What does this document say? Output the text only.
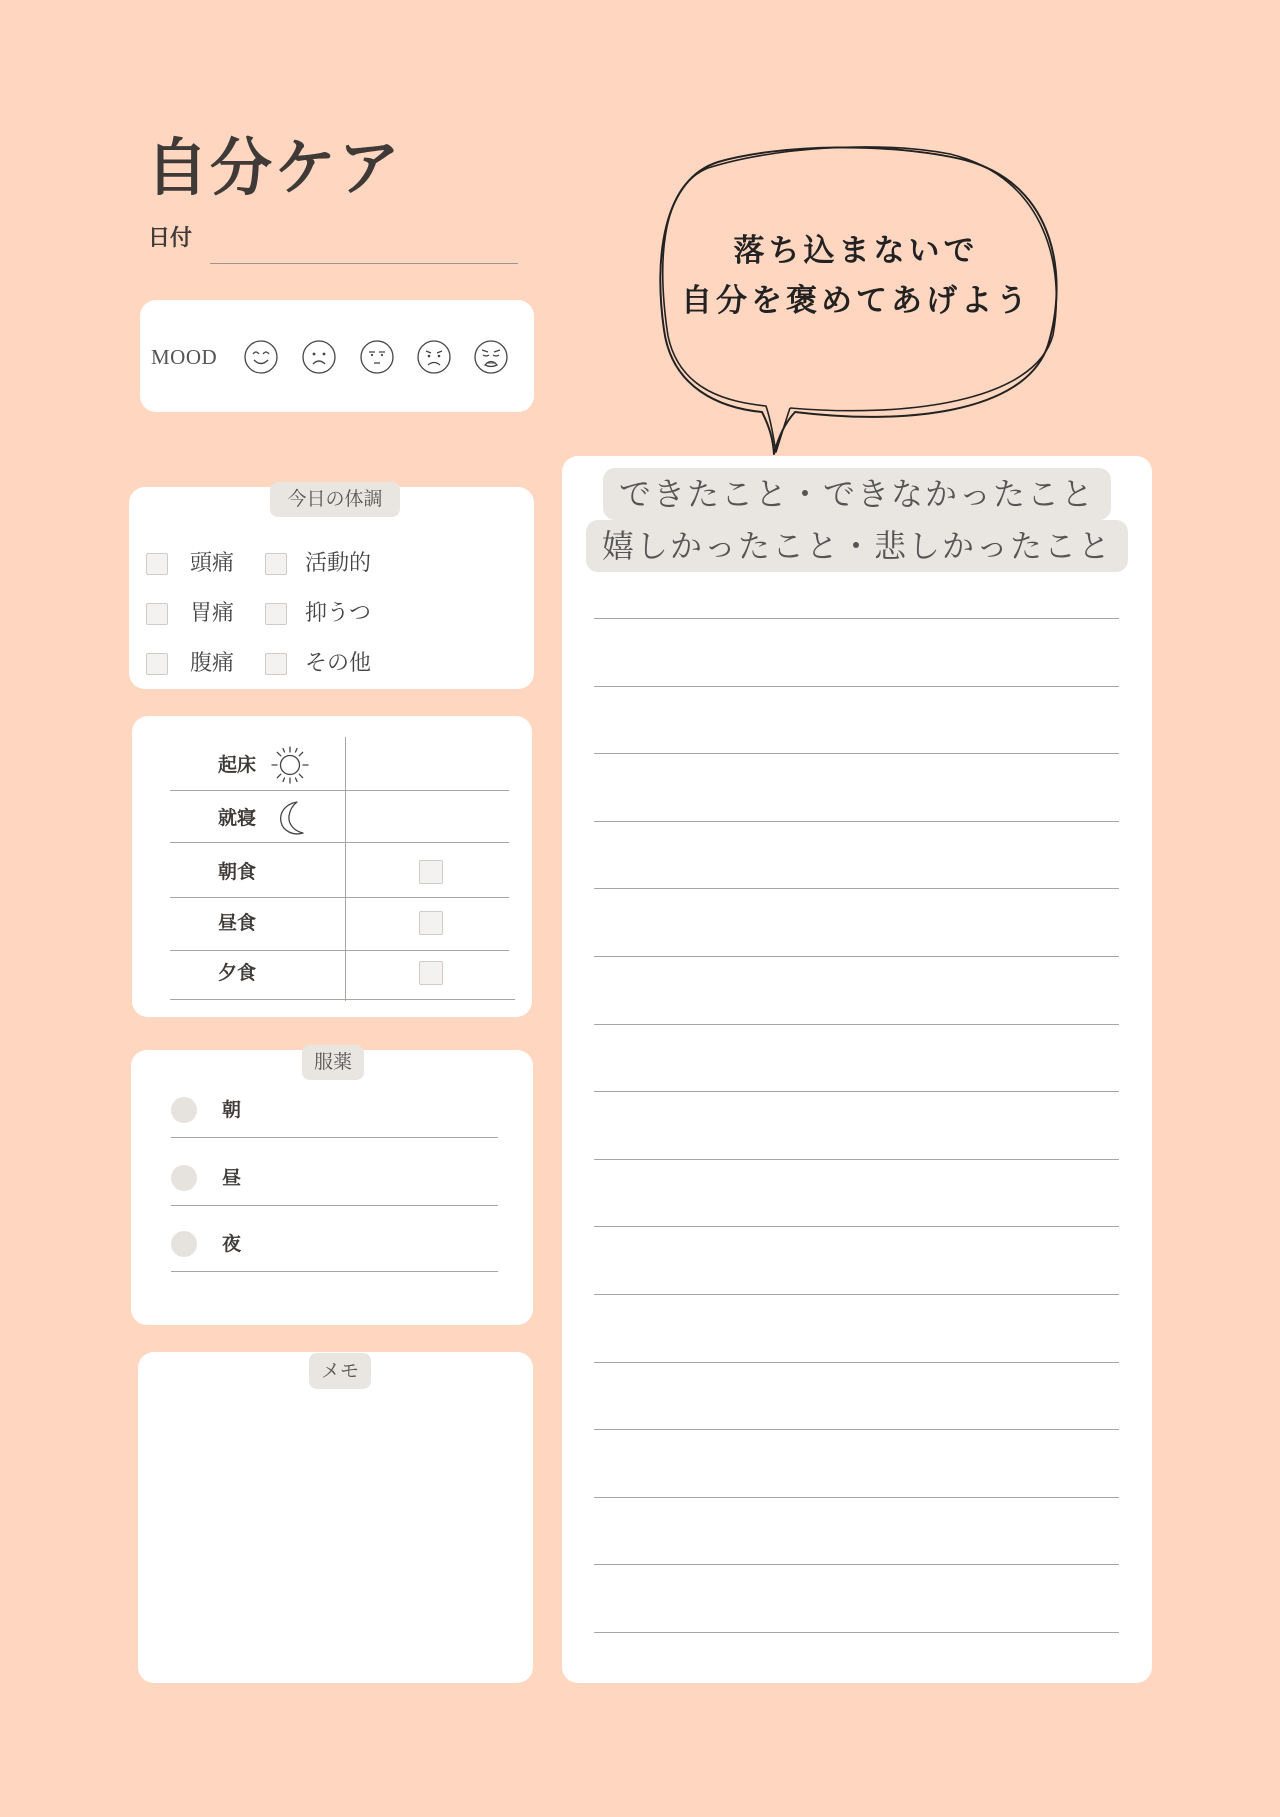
自分ケア
日付
MOOD
落ち込まないで
自分を褒めてあげよう
今日の体調
頭痛
胃痛
腹痛
活動的
抑うつ
その他
起床
就寝
朝食
昼食
夕食
服薬
朝
昼
夜
メモ
できたこと・できなかったこと
嬉しかったこと・悲しかったこと
